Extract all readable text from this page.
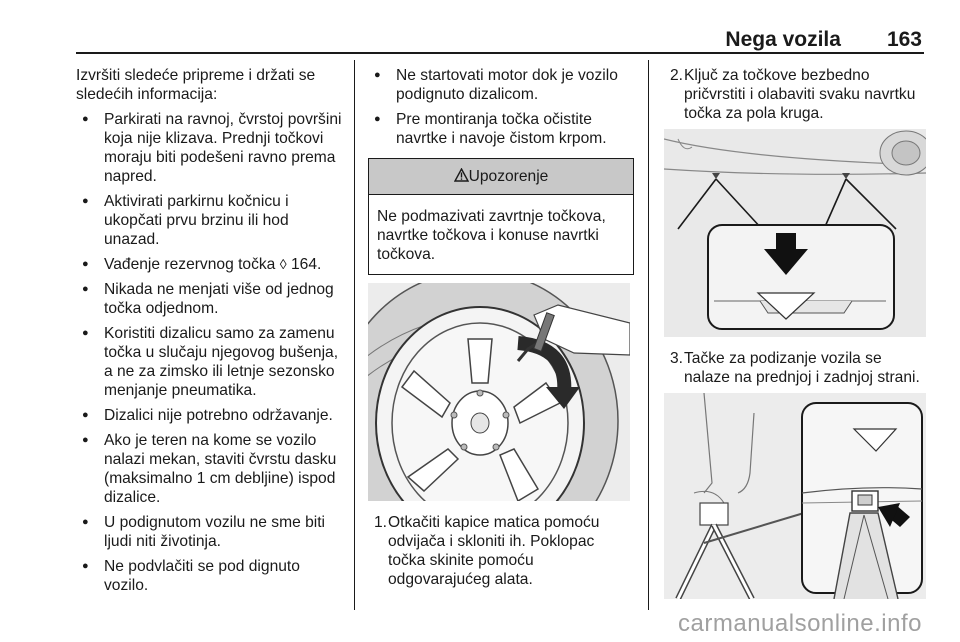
Nega vozila 163

Izvršiti sledeće pripreme i držati se sledećih informacija:

● Parkirati na ravnoj, čvrstoj površini koja nije klizava. Prednji točkovi moraju biti podešeni ravno prema napred.
● Aktivirati parkirnu kočnicu i ukopčati prvu brzinu ili hod unazad.
● Vađenje rezervnog točka ◊ 164.
● Nikada ne menjati više od jednog točka odjednom.
● Koristiti dizalicu samo za zamenu točka u slučaju njegovog bušenja, a ne za zimsko ili letnje sezonsko menjanje pneumatika.
● Dizalici nije potrebno održavanje.
● Ako je teren na kome se vozilo nalazi mekan, staviti čvrstu dasku (maksimalno 1 cm debljine) ispod dizalice.
● U podignutom vozilu ne sme biti ljudi niti životinja.
● Ne podvlačiti se pod dignuto vozilo.
● Ne startovati motor dok je vozilo podignuto dizalicom.
● Pre montiranja točka očistite navrtke i navoje čistom krpom.
Upozorenje
Ne podmazivati zavrtnje točkova, navrtke točkova i konuse navrtki točkova.
1. Otkačiti kapice matica pomoću odvijača i skloniti ih. Poklopac točka skinite pomoću odgovarajućeg alata.
2. Ključ za točkove bezbedno pričvrstiti i olabaviti svaku navrtku točka za pola kruga.
3. Tačke za podizanje vozila se nalaze na prednjoj i zadnjoj strani.
carmanualsonline.info
